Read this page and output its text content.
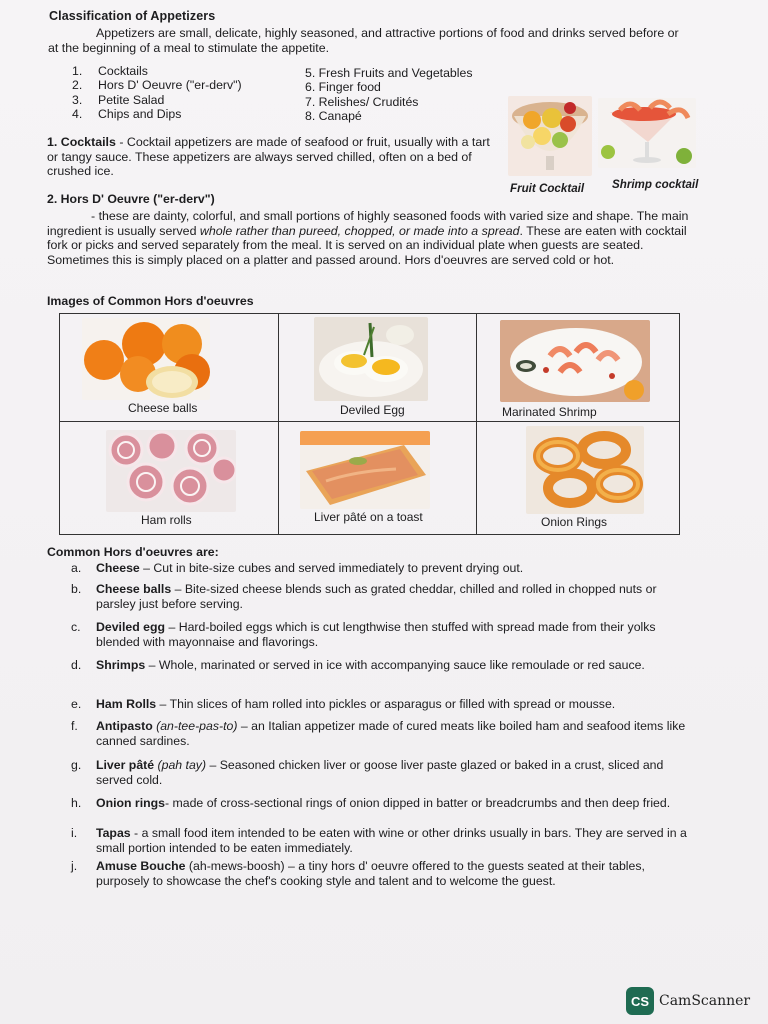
Classification of Appetizers

Appetizers are small, delicate, highly seasoned, and attractive portions of food and drinks served before or at the beginning of a meal to stimulate the appetite.

1. Cocktails
2. Hors D' Oeuvre ("er-derv")
3. Petite Salad
4. Chips and Dips
5. Fresh Fruits and Vegetables
6. Finger food
7. Relishes/ Crudités
8. Canapé
Fruit Cocktail Shrimp cocktail

1. Cocktails - Cocktail appetizers are made of seafood or fruit, usually with a tart or tangy sauce. These appetizers are always served chilled, often on a bed of crushed ice.

2. Hors D' Oeuvre ("er-derv")

- these are dainty, colorful, and small portions of highly seasoned foods with varied size and shape. The main ingredient is usually served whole rather than pureed, chopped, or made into a spread. These are eaten with cocktail fork or picks and served separately from the meal. It is served on an individual plate when guests are seated. Sometimes this is simply placed on a platter and passed around. Hors d'oeuvres are served cold or hot.

Images of Common Hors d'oeuvres
Cheese balls	Deviled Egg	Marinated Shrimp
Ham rolls	Liver pâté on a toast	Onion Rings
Common Hors d'oeuvres are:
a.	Cheese – Cut in bite-size cubes and served immediately to prevent drying out.
b.	Cheese balls – Bite-sized cheese blends such as grated cheddar, chilled and rolled in chopped nuts or parsley just before serving.
c.	Deviled egg – Hard-boiled eggs which is cut lengthwise then stuffed with spread made from their yolks blended with mayonnaise and flavorings.
d.	Shrimps – Whole, marinated or served in ice with accompanying sauce like remoulade or red sauce.
e.	Ham Rolls – Thin slices of ham rolled into pickles or asparagus or filled with spread or mousse.
f.	Antipasto (an-tee-pas-to) – an Italian appetizer made of cured meats like boiled ham and seafood items like canned sardines.
g.	Liver pâté (pah tay) – Seasoned chicken liver or goose liver paste glazed or baked in a crust, sliced and served cold.
h.	Onion rings- made of cross-sectional rings of onion dipped in batter or breadcrumbs and then deep fried.
i.	Tapas - a small food item intended to be eaten with wine or other drinks usually in bars. They are served in a small portion intended to be eaten immediately.
j.	Amuse Bouche (ah-mews-boosh) – a tiny hors d' oeuvre offered to the guests seated at their tables, purposely to showcase the chef's cooking style and talent and to welcome the guest.
CS CamScanner
